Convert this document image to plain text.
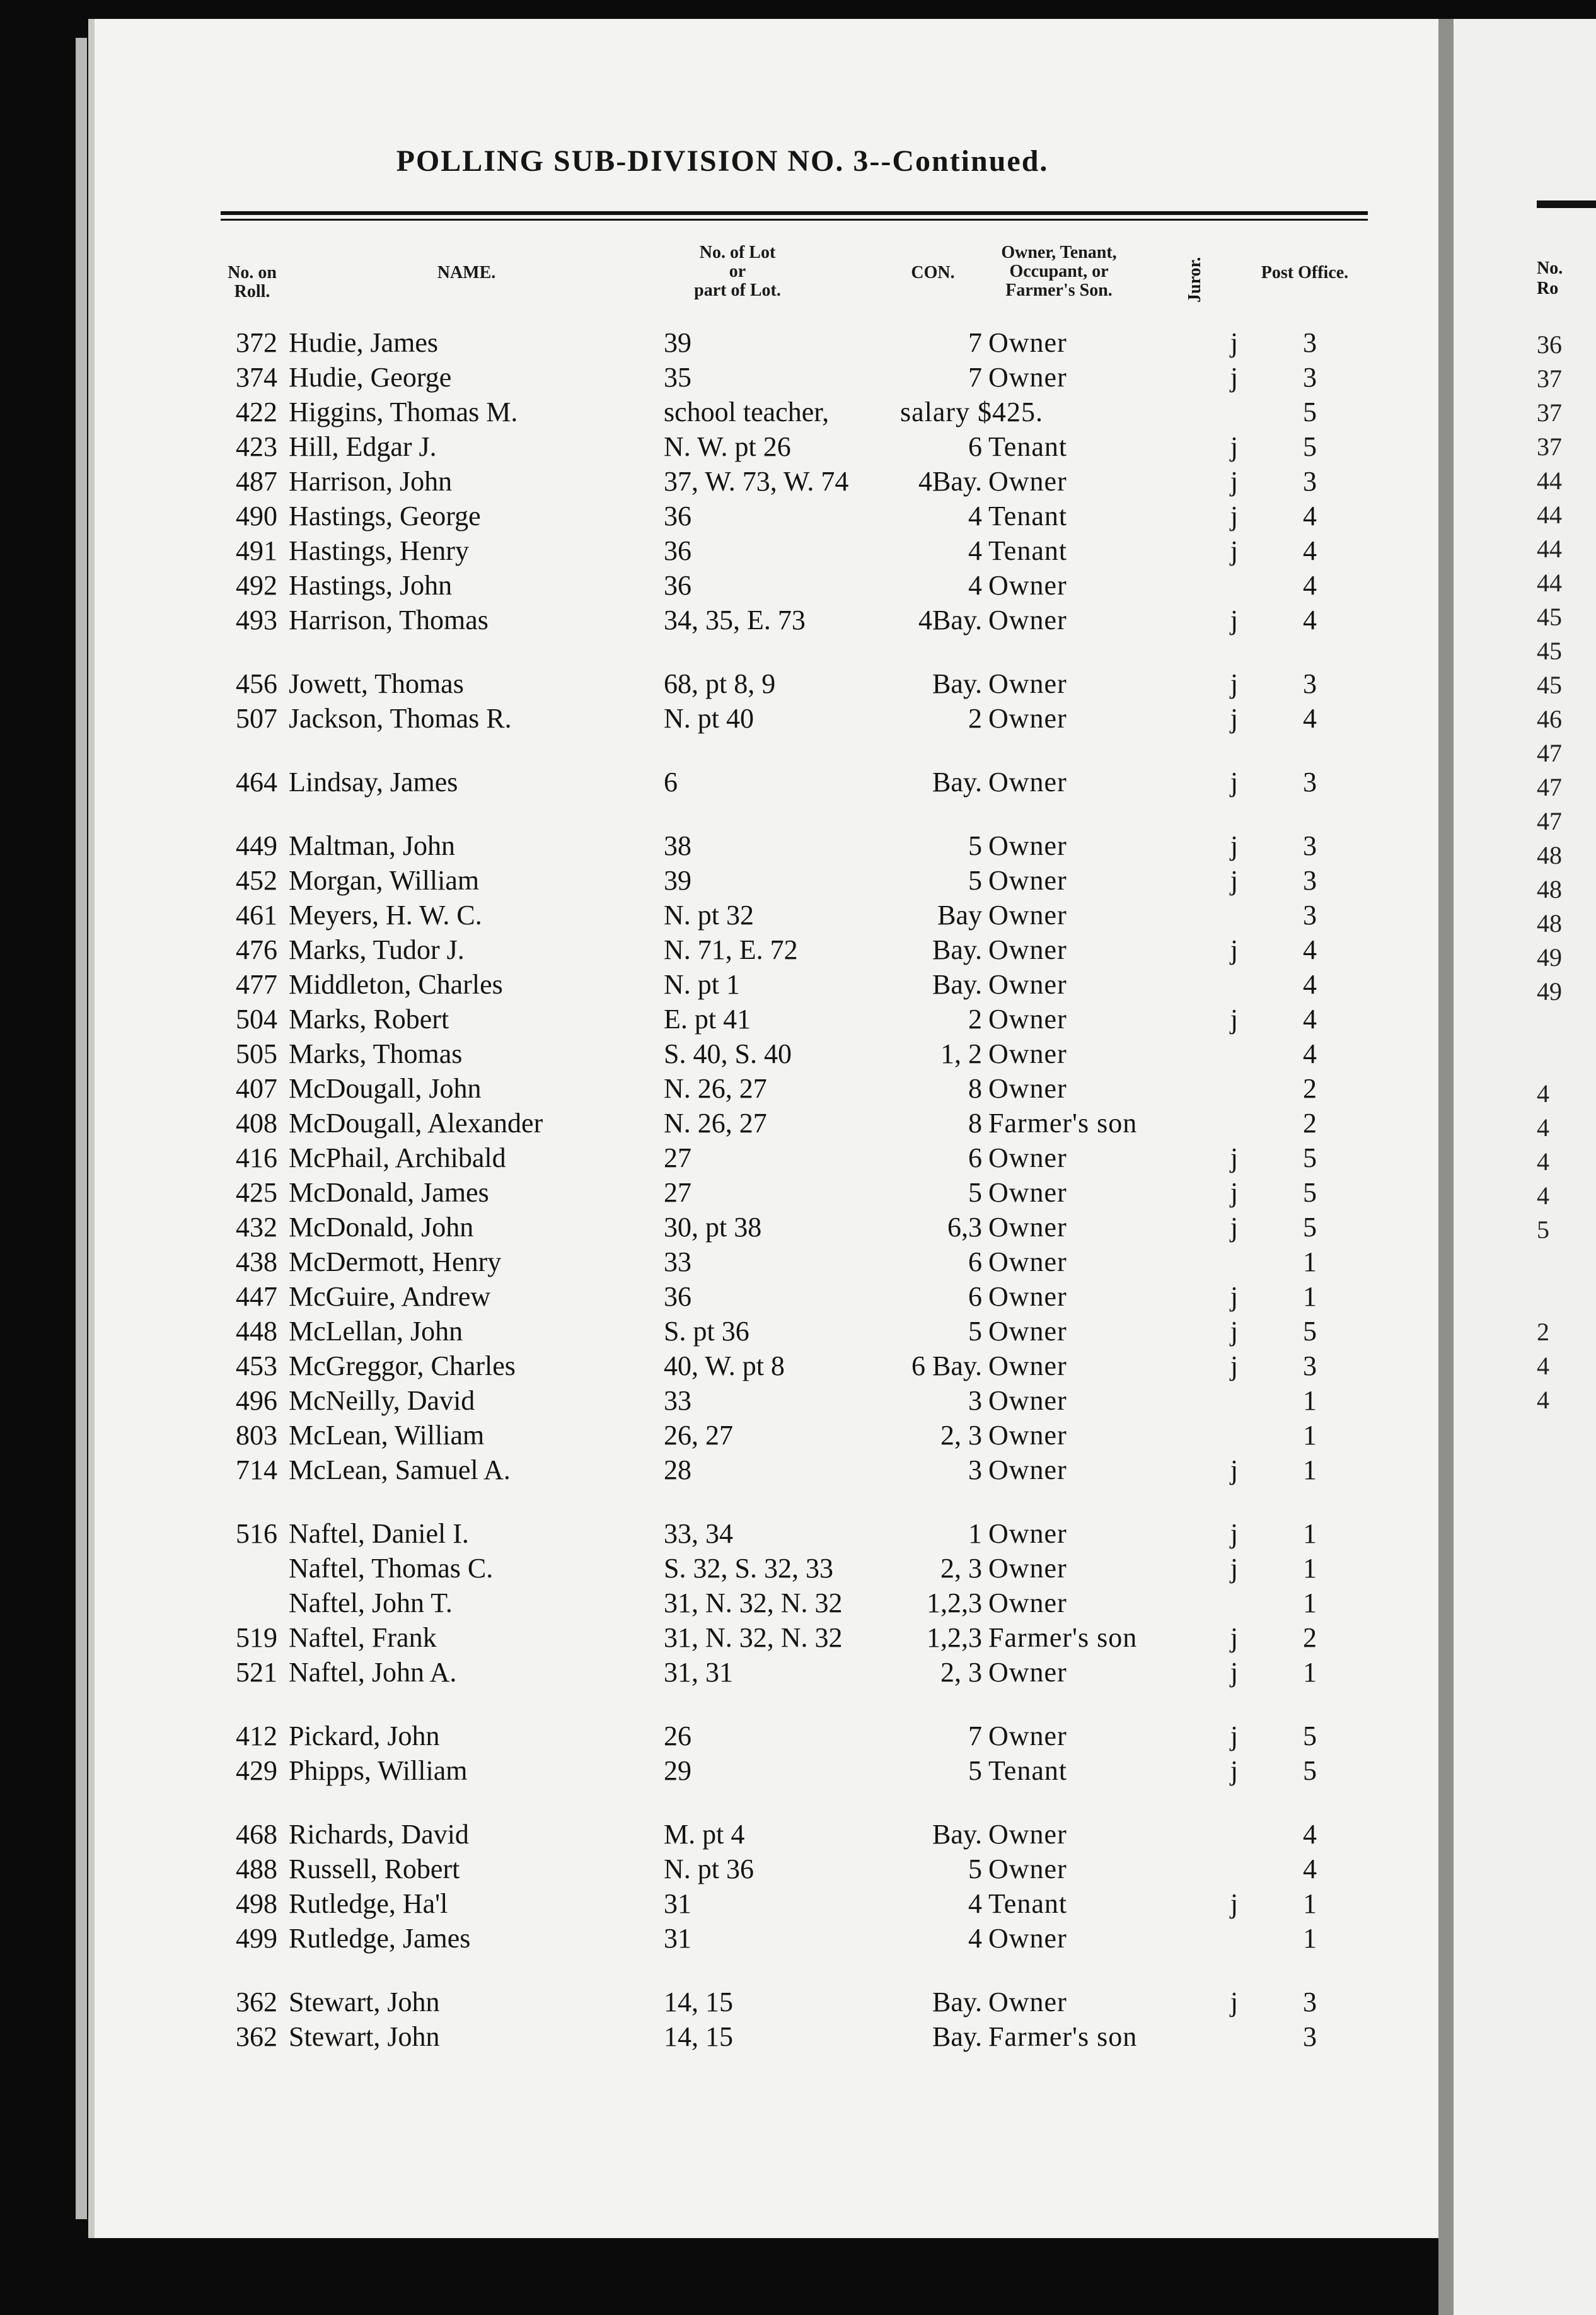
No.
Ro
36
37
37
37
44
44
44
44
45
45
45
46
47
47
47
48
48
48
49
49
4
4
4
4
5
2
4
4
POLLING SUB-DIVISION NO. 3--Continued.
No. on
Roll.
NAME.
No. of Lot
or
part of Lot.
CON.
Owner, Tenant,
Occupant, or
Farmer's Son.	Juror.	Post Office.
372	Hudie, James	39	7	Owner	j	3
374	Hudie, George	35	7	Owner	j	3
422	Higgins, Thomas M.	school teacher,	salary $425.			5
423	Hill, Edgar J.	N. W. pt 26	6	Tenant	j	5
487	Harrison, John	37, W. 73, W. 74	4Bay.	Owner	j	3
490	Hastings, George	36	4	Tenant	j	4
491	Hastings, Henry	36	4	Tenant	j	4
492	Hastings, John	36	4	Owner		4
493	Harrison, Thomas	34, 35, E. 73	4Bay.	Owner	j	4

456	Jowett, Thomas	68, pt 8, 9	Bay.	Owner	j	3
507	Jackson, Thomas R.	N. pt 40	2	Owner	j	4

464	Lindsay, James	6	Bay.	Owner	j	3

449	Maltman, John	38	5	Owner	j	3
452	Morgan, William	39	5	Owner	j	3
461	Meyers, H. W. C.	N. pt 32	Bay	Owner		3
476	Marks, Tudor J.	N. 71, E. 72	Bay.	Owner	j	4
477	Middleton, Charles	N. pt 1	Bay.	Owner		4
504	Marks, Robert	E. pt 41	2	Owner	j	4
505	Marks, Thomas	S. 40, S. 40	1, 2	Owner		4
407	McDougall, John	N. 26, 27	8	Owner		2
408	McDougall, Alexander	N. 26, 27	8	Farmer's son		2
416	McPhail, Archibald	27	6	Owner	j	5
425	McDonald, James	27	5	Owner	j	5
432	McDonald, John	30, pt 38	6,3	Owner	j	5
438	McDermott, Henry	33	6	Owner		1
447	McGuire, Andrew	36	6	Owner	j	1
448	McLellan, John	S. pt 36	5	Owner	j	5
453	McGreggor, Charles	40, W. pt 8	6 Bay.	Owner	j	3
496	McNeilly, David	33	3	Owner		1
803	McLean, William	26, 27	2, 3	Owner		1
714	McLean, Samuel A.	28	3	Owner	j	1

516	Naftel, Daniel I.	33, 34	1	Owner	j	1
	Naftel, Thomas C.	S. 32, S. 32, 33	2, 3	Owner	j	1
	Naftel, John T.	31, N. 32, N. 32	1,2,3	Owner		1
519	Naftel, Frank	31, N. 32, N. 32	1,2,3	Farmer's son	j	2
521	Naftel, John A.	31, 31	2, 3	Owner	j	1

412	Pickard, John	26	7	Owner	j	5
429	Phipps, William	29	5	Tenant	j	5

468	Richards, David	M. pt 4	Bay.	Owner		4
488	Russell, Robert	N. pt 36	5	Owner		4
498	Rutledge, Ha'l	31	4	Tenant	j	1
499	Rutledge, James	31	4	Owner		1

362	Stewart, John	14, 15	Bay.	Owner	j	3
362	Stewart, John	14, 15	Bay.	Farmer's son		3
